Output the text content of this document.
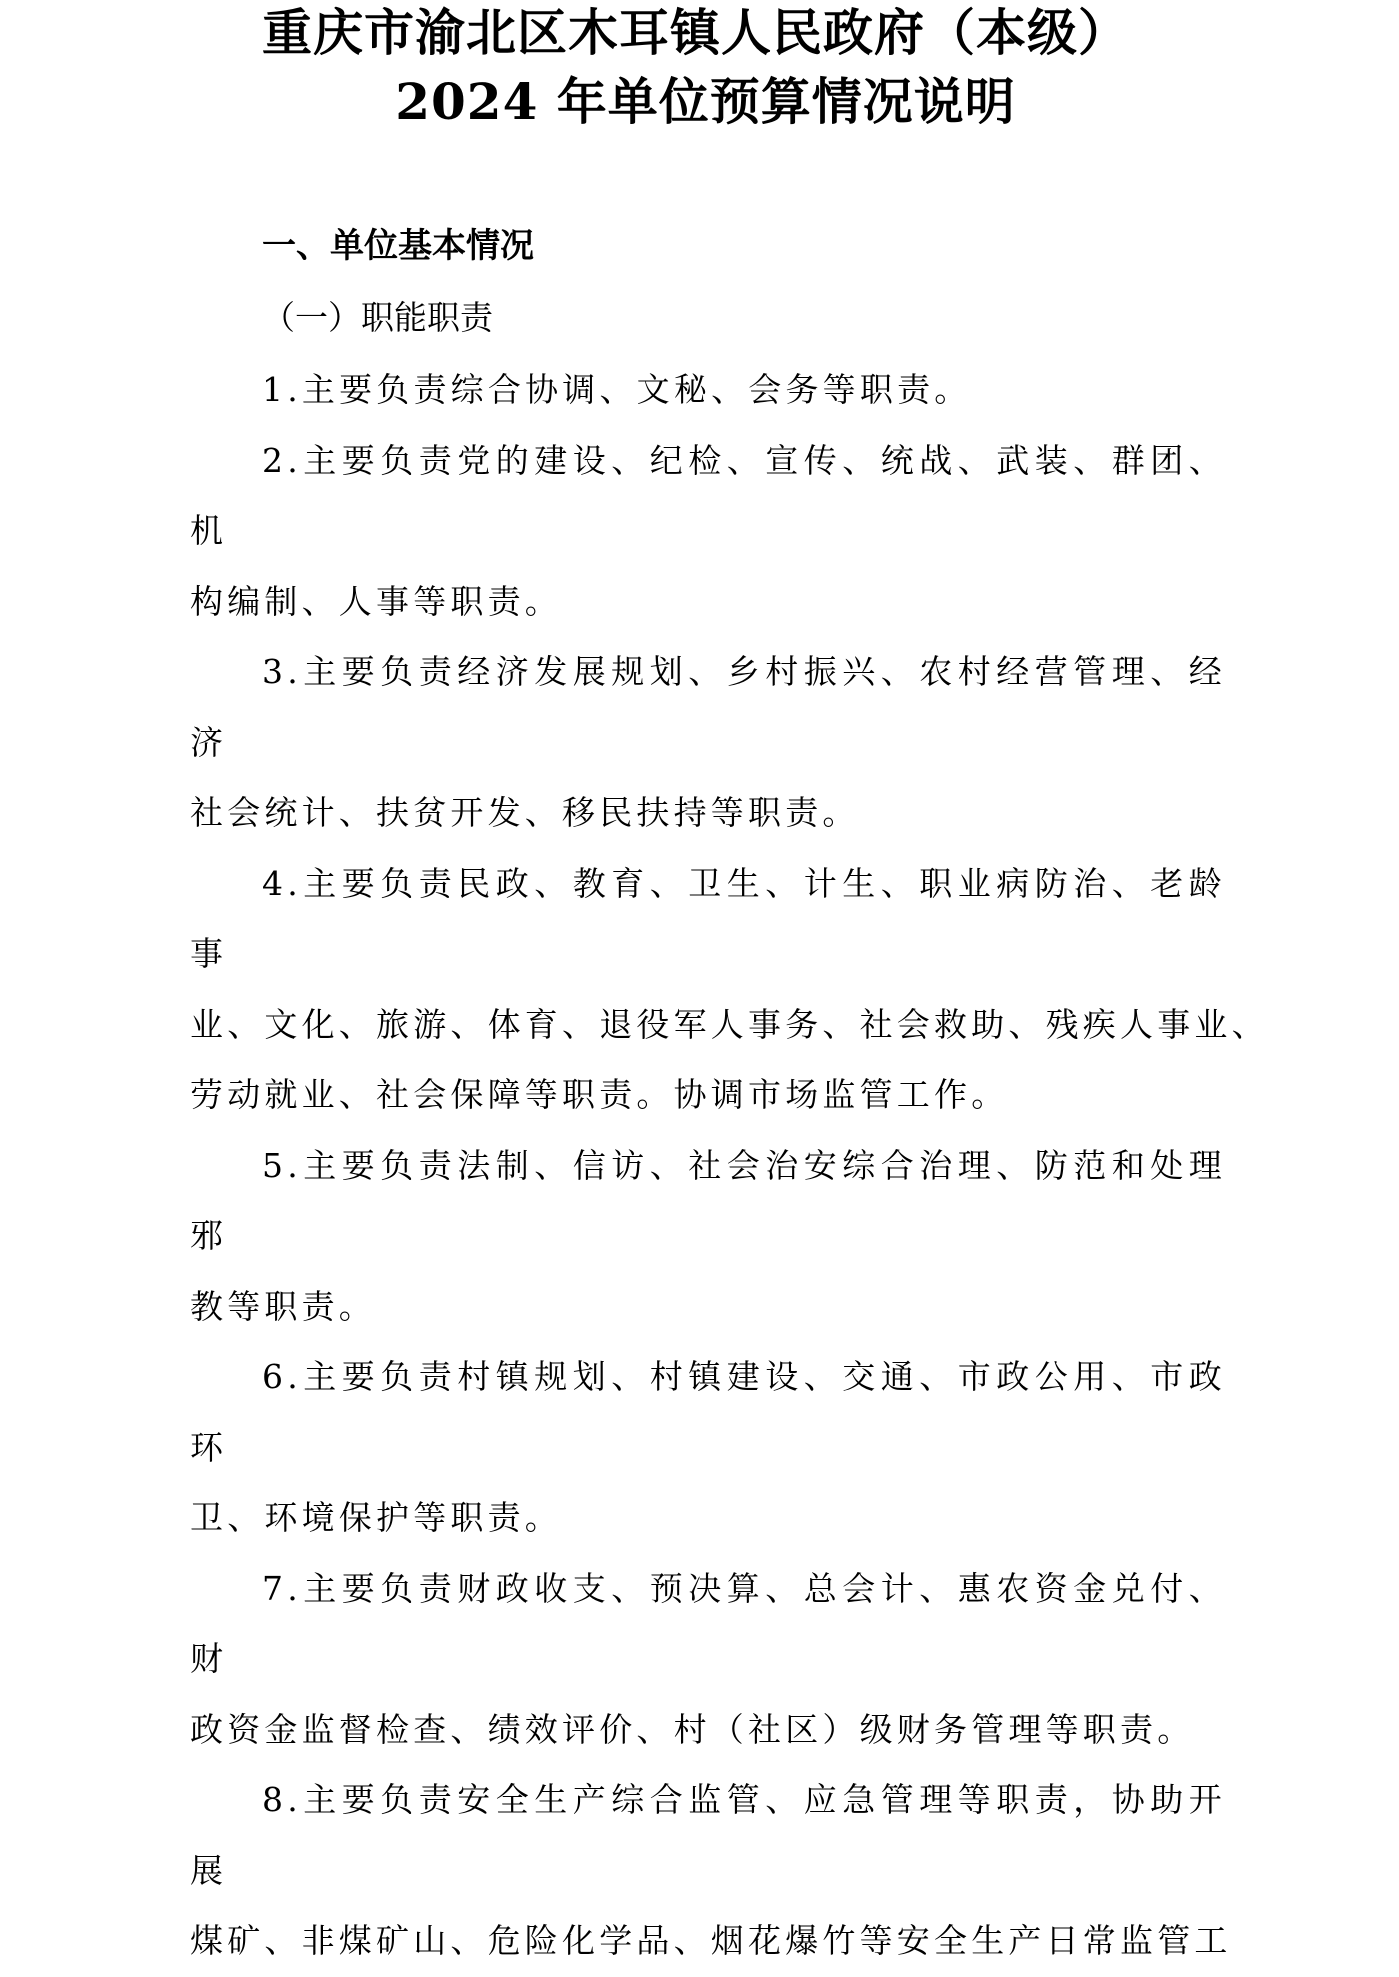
重庆市渝北区木耳镇人民政府（本级）
2024 年单位预算情况说明
一、单位基本情况
（一）职能职责

1.主要负责综合协调、文秘、会务等职责。

2.主要负责党的建设、纪检、宣传、统战、武装、群团、机
构编制、人事等职责。

3.主要负责经济发展规划、乡村振兴、农村经营管理、经济
社会统计、扶贫开发、移民扶持等职责。

4.主要负责民政、教育、卫生、计生、职业病防治、老龄事
业、文化、旅游、体育、退役军人事务、社会救助、残疾人事业、
劳动就业、社会保障等职责。协调市场监管工作。

5.主要负责法制、信访、社会治安综合治理、防范和处理邪
教等职责。

6.主要负责村镇规划、村镇建设、交通、市政公用、市政环
卫、环境保护等职责。

7.主要负责财政收支、预决算、总会计、惠农资金兑付、财
政资金监督检查、绩效评价、村（社区）级财务管理等职责。

8.主要负责安全生产综合监管、应急管理等职责，协助开展
煤矿、非煤矿山、危险化学品、烟花爆竹等安全生产日常监管工
